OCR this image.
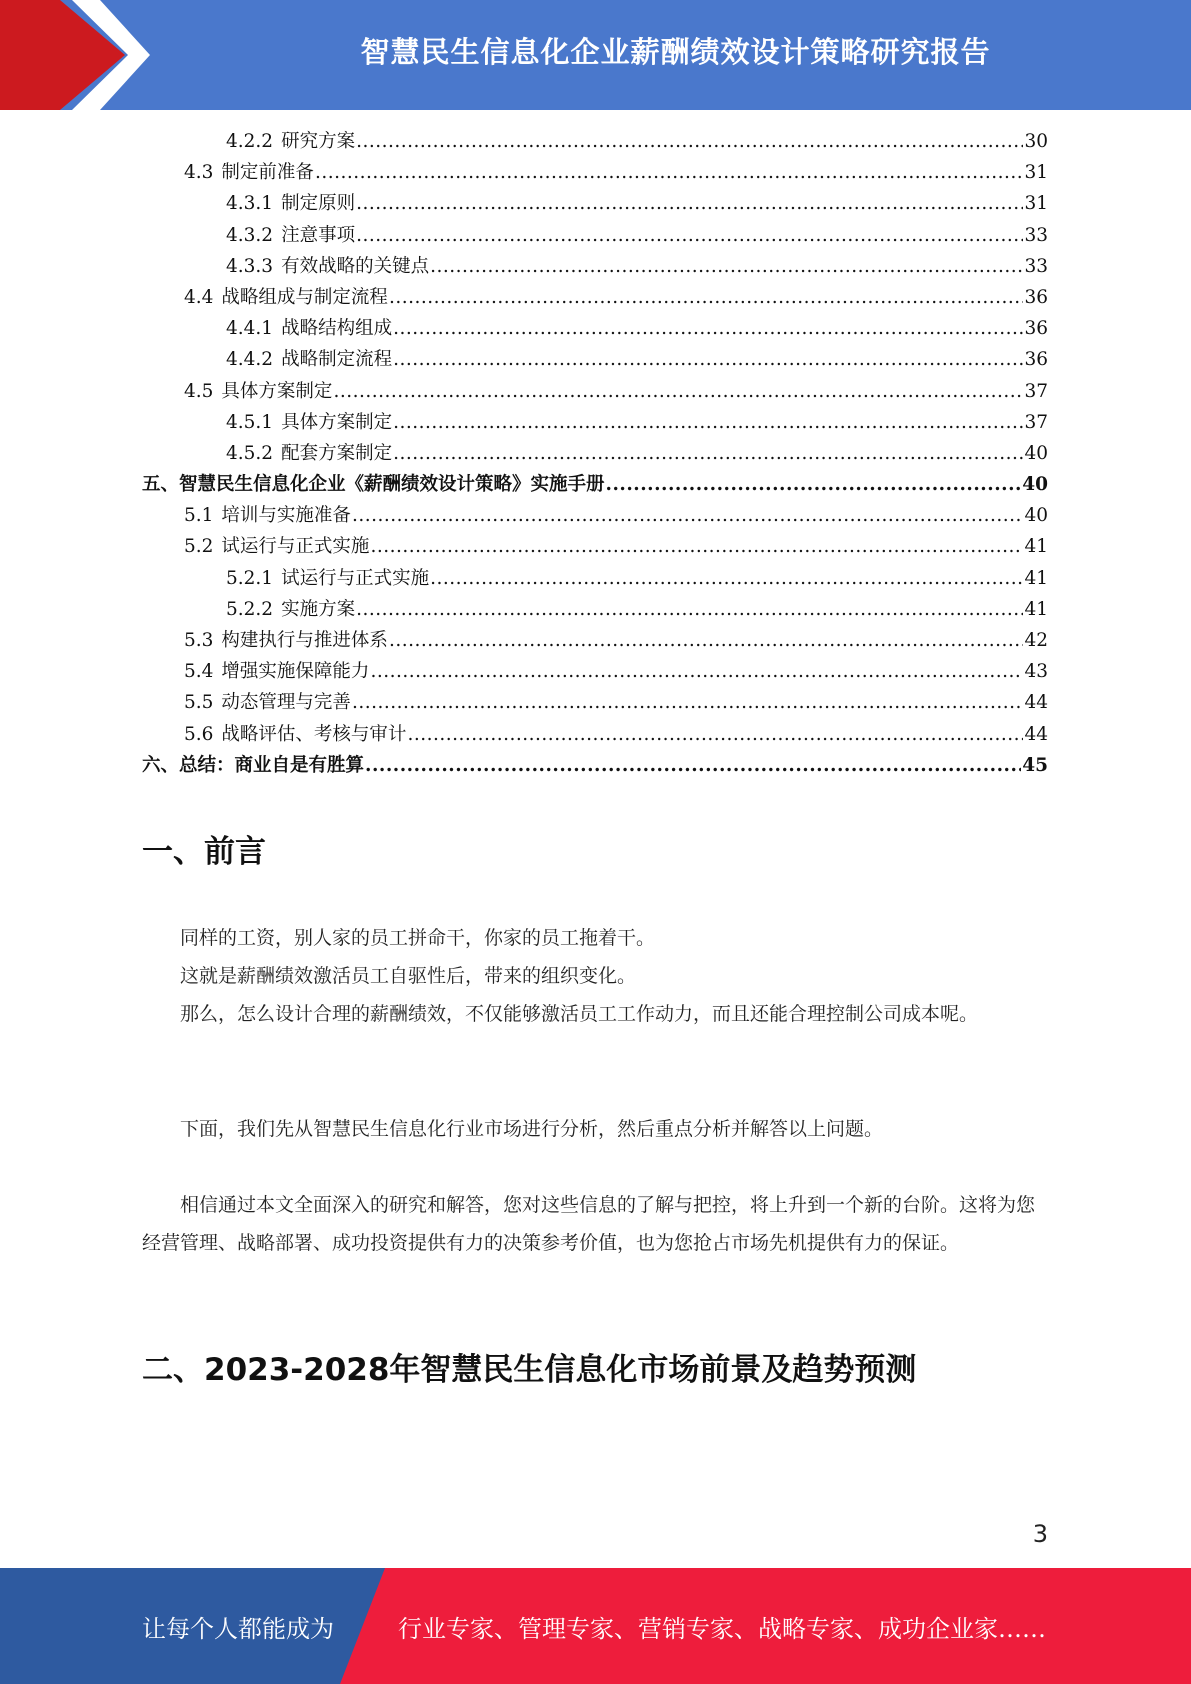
智慧民生信息化企业薪酬绩效设计策略研究报告
4.2.2 研究方案 .....	30
4.3 制定前准备 .....	31
4.3.1 制定原则 .....	31
4.3.2 注意事项 .....	33
4.3.3 有效战略的关键点 .....	33
4.4 战略组成与制定流程 .....	36
4.4.1 战略结构组成 .....	36
4.4.2 战略制定流程 .....	36
4.5 具体方案制定 .....	37
4.5.1 具体方案制定 .....	37
4.5.2 配套方案制定 .....	40
五、智慧民生信息化企业《薪酬绩效设计策略》实施手册 .....	40
5.1 培训与实施准备 .....	40
5.2 试运行与正式实施 .....	41
5.2.1 试运行与正式实施 .....	41
5.2.2 实施方案 .....	41
5.3 构建执行与推进体系 .....	42
5.4 增强实施保障能力 .....	43
5.5 动态管理与完善 .....	44
5.6 战略评估、考核与审计 .....	44
六、总结：商业自是有胜算 .....	45
一、前言

同样的工资，别人家的员工拼命干，你家的员工拖着干。

这就是薪酬绩效激活员工自驱性后，带来的组织变化。

那么，怎么设计合理的薪酬绩效，不仅能够激活员工工作动力，而且还能合理控制公司成本呢。

下面，我们先从智慧民生信息化行业市场进行分析，然后重点分析并解答以上问题。

相信通过本文全面深入的研究和解答，您对这些信息的了解与把控，将上升到一个新的台阶。这将为您经营管理、战略部署、成功投资提供有力的决策参考价值，也为您抢占市场先机提供有力的保证。

二、2023-2028年智慧民生信息化市场前景及趋势预测
3
让每个人都能成为	行业专家、管理专家、营销专家、战略专家、成功企业家……
